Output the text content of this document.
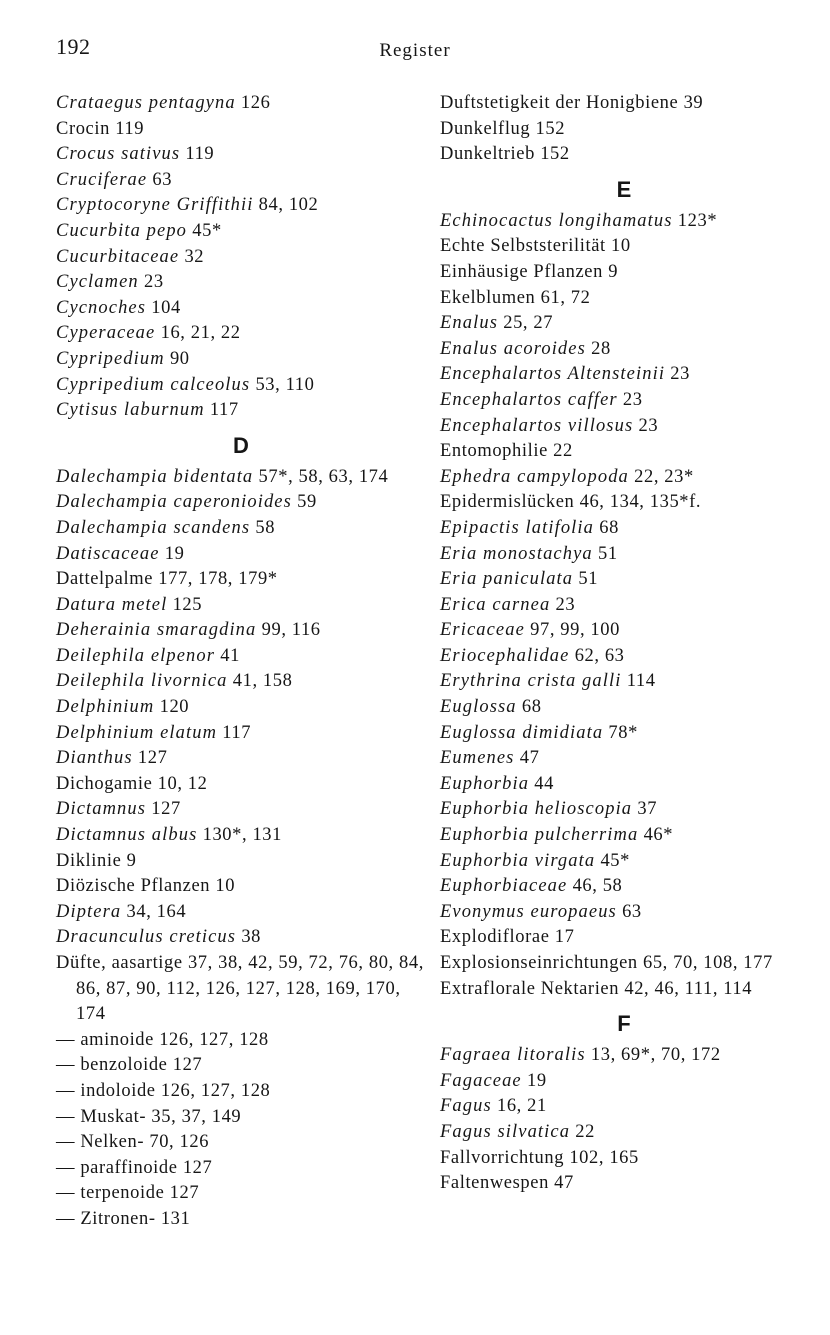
192	Register
Crataegus pentagyna 126
Crocin 119
Crocus sativus 119
Cruciferae 63
Cryptocoryne Griffithii 84, 102
Cucurbita pepo 45*
Cucurbitaceae 32
Cyclamen 23
Cycnoches 104
Cyperaceae 16, 21, 22
Cypripedium 90
Cypripedium calceolus 53, 110
Cytisus laburnum 117
D
Dalechampia bidentata 57*, 58, 63, 174
Dalechampia caperonioides 59
Dalechampia scandens 58
Datiscaceae 19
Dattelpalme 177, 178, 179*
Datura metel 125
Deherainia smaragdina 99, 116
Deilephila elpenor 41
Deilephila livornica 41, 158
Delphinium 120
Delphinium elatum 117
Dianthus 127
Dichogamie 10, 12
Dictamnus 127
Dictamnus albus 130*, 131
Diklinie 9
Diözische Pflanzen 10
Diptera 34, 164
Dracunculus creticus 38
Düfte, aasartige 37, 38, 42, 59, 72, 76, 80, 84, 86, 87, 90, 112, 126, 127, 128, 169, 170, 174
— aminoide 126, 127, 128
— benzoloide 127
— indoloide 126, 127, 128
— Muskat- 35, 37, 149
— Nelken- 70, 126
— paraffinoide 127
— terpenoide 127
— Zitronen- 131
Duftstetigkeit der Honigbiene 39
Dunkelflug 152
Dunkeltrieb 152
E
Echinocactus longihamatus 123*
Echte Selbststerilität 10
Einhäusige Pflanzen 9
Ekelblumen 61, 72
Enalus 25, 27
Enalus acoroides 28
Encephalartos Altensteinii 23
Encephalartos caffer 23
Encephalartos villosus 23
Entomophilie 22
Ephedra campylopoda 22, 23*
Epidermislücken 46, 134, 135*f.
Epipactis latifolia 68
Eria monostachya 51
Eria paniculata 51
Erica carnea 23
Ericaceae 97, 99, 100
Eriocephalidae 62, 63
Erythrina crista galli 114
Euglossa 68
Euglossa dimidiata 78*
Eumenes 47
Euphorbia 44
Euphorbia helioscopia 37
Euphorbia pulcherrima 46*
Euphorbia virgata 45*
Euphorbiaceae 46, 58
Evonymus europaeus 63
Explodiflorae 17
Explosionseinrichtungen 65, 70, 108, 177
Extraflorale Nektarien 42, 46, 111, 114
F
Fagraea litoralis 13, 69*, 70, 172
Fagaceae 19
Fagus 16, 21
Fagus silvatica 22
Fallvorrichtung 102, 165
Faltenwespen 47
